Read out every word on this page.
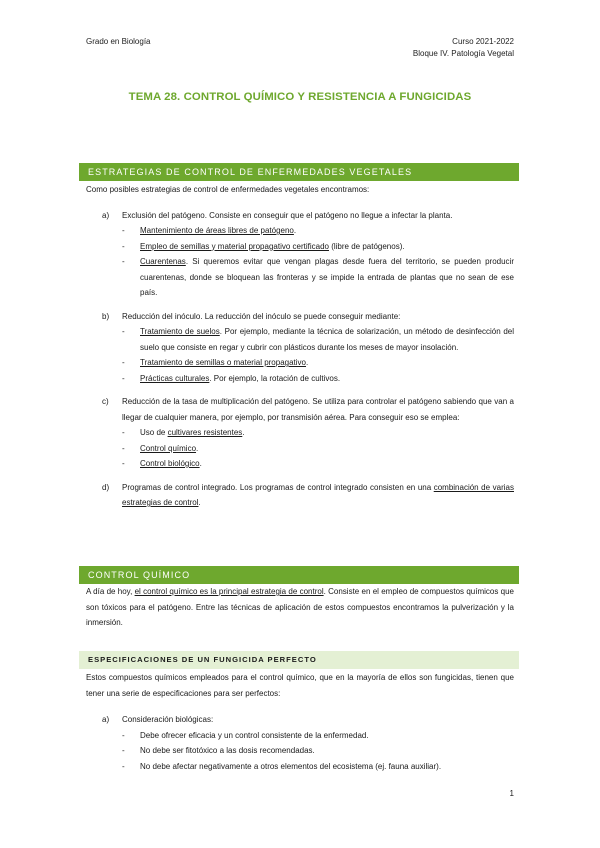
Grado en Biología	Curso 2021-2022
Bloque IV. Patología Vegetal
TEMA 28. CONTROL QUÍMICO Y RESISTENCIA A FUNGICIDAS
ESTRATEGIAS DE CONTROL DE ENFERMEDADES VEGETALES
Como posibles estrategias de control de enfermedades vegetales encontramos:
a) Exclusión del patógeno. Consiste en conseguir que el patógeno no llegue a infectar la planta.
- Mantenimiento de áreas libres de patógeno.
- Empleo de semillas y material propagativo certificado (libre de patógenos).
- Cuarentenas. Si queremos evitar que vengan plagas desde fuera del territorio, se pueden producir cuarentenas, donde se bloquean las fronteras y se impide la entrada de plantas que no sean de ese país.
b) Reducción del inóculo. La reducción del inóculo se puede conseguir mediante:
- Tratamiento de suelos. Por ejemplo, mediante la técnica de solarización, un método de desinfección del suelo que consiste en regar y cubrir con plásticos durante los meses de mayor insolación.
- Tratamiento de semillas o material propagativo.
- Prácticas culturales. Por ejemplo, la rotación de cultivos.
c) Reducción de la tasa de multiplicación del patógeno. Se utiliza para controlar el patógeno sabiendo que van a llegar de cualquier manera, por ejemplo, por transmisión aérea. Para conseguir eso se emplea:
- Uso de cultivares resistentes.
- Control químico.
- Control biológico.
d) Programas de control integrado. Los programas de control integrado consisten en una combinación de varias estrategias de control.
CONTROL QUÍMICO
A día de hoy, el control químico es la principal estrategia de control. Consiste en el empleo de compuestos químicos que son tóxicos para el patógeno. Entre las técnicas de aplicación de estos compuestos encontramos la pulverización y la inmersión.
ESPECIFICACIONES DE UN FUNGICIDA PERFECTO
Estos compuestos químicos empleados para el control químico, que en la mayoría de ellos son fungicidas, tienen que tener una serie de especificaciones para ser perfectos:
a) Consideración biológicas:
- Debe ofrecer eficacia y un control consistente de la enfermedad.
- No debe ser fitotóxico a las dosis recomendadas.
- No debe afectar negativamente a otros elementos del ecosistema (ej. fauna auxiliar).
1
